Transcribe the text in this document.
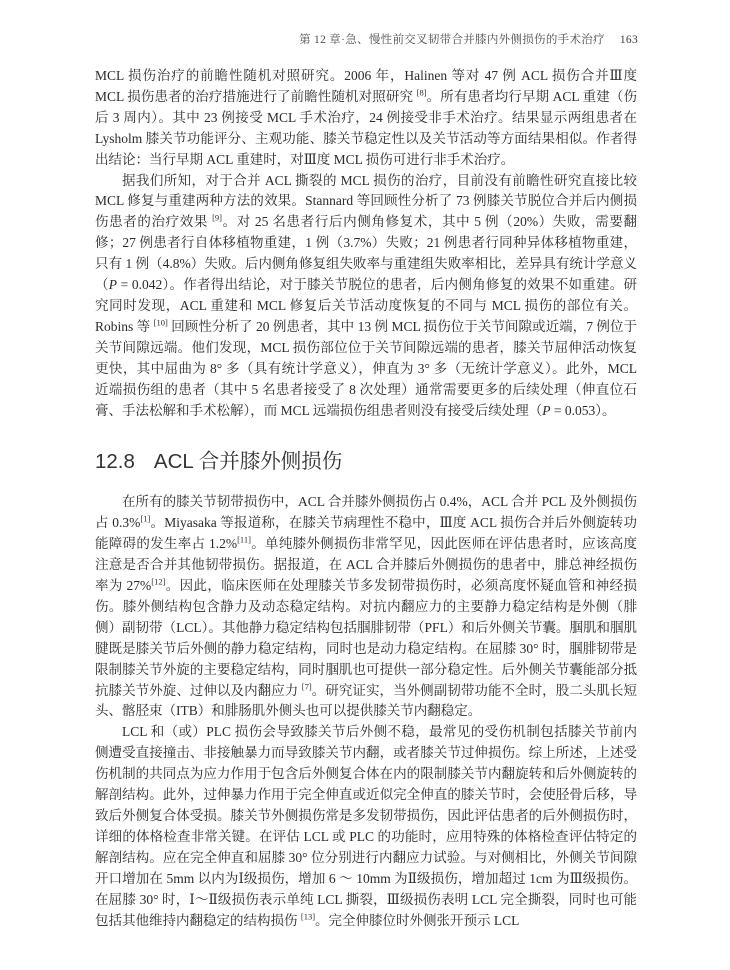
第 12 章·急、慢性前交叉韧带合并膝内外侧损伤的手术治疗 163

MCL 损伤治疗的前瞻性随机对照研究。2006 年，Halinen 等对 47 例 ACL 损伤合并Ⅲ度 MCL 损伤患者的治疗措施进行了前瞻性随机对照研究 [8]。所有患者均行早期 ACL 重建（伤后 3 周内）。其中 23 例接受 MCL 手术治疗，24 例接受非手术治疗。结果显示两组患者在 Lysholm 膝关节功能评分、主观功能、膝关节稳定性以及关节活动等方面结果相似。作者得出结论：当行早期 ACL 重建时，对Ⅲ度 MCL 损伤可进行非手术治疗。

据我们所知，对于合并 ACL 撕裂的 MCL 损伤的治疗，目前没有前瞻性研究直接比较 MCL 修复与重建两种方法的效果。Stannard 等回顾性分析了 73 例膝关节脱位合并后内侧损伤患者的治疗效果 [9]。对 25 名患者行后内侧角修复术，其中 5 例（20%）失败，需要翻修；27 例患者行自体移植物重建，1 例（3.7%）失败；21 例患者行同种异体移植物重建，只有 1 例（4.8%）失败。后内侧角修复组失败率与重建组失败率相比，差异具有统计学意义（P = 0.042）。作者得出结论，对于膝关节脱位的患者，后内侧角修复的效果不如重建。研究同时发现，ACL 重建和 MCL 修复后关节活动度恢复的不同与 MCL 损伤的部位有关。Robins 等 [10] 回顾性分析了 20 例患者，其中 13 例 MCL 损伤位于关节间隙或近端，7 例位于关节间隙远端。他们发现，MCL 损伤部位位于关节间隙远端的患者，膝关节屈伸活动恢复更快，其中屈曲为 8° 多（具有统计学意义），伸直为 3° 多（无统计学意义）。此外，MCL 近端损伤组的患者（其中 5 名患者接受了 8 次处理）通常需要更多的后续处理（伸直位石膏、手法松解和手术松解），而 MCL 远端损伤组患者则没有接受后续处理（P = 0.053）。

12.8 ACL 合并膝外侧损伤

在所有的膝关节韧带损伤中，ACL 合并膝外侧损伤占 0.4%，ACL 合并 PCL 及外侧损伤占 0.3%[1]。Miyasaka 等报道称，在膝关节病理性不稳中，Ⅲ度 ACL 损伤合并后外侧旋转功能障碍的发生率占 1.2%[11]。单纯膝外侧损伤非常罕见，因此医师在评估患者时，应该高度注意是否合并其他韧带损伤。据报道，在 ACL 合并膝后外侧损伤的患者中，腓总神经损伤率为 27%[12]。因此，临床医师在处理膝关节多发韧带损伤时，必须高度怀疑血管和神经损伤。膝外侧结构包含静力及动态稳定结构。对抗内翻应力的主要静力稳定结构是外侧（腓侧）副韧带（LCL）。其他静力稳定结构包括腘腓韧带（PFL）和后外侧关节囊。腘肌和腘肌腱既是膝关节后外侧的静力稳定结构，同时也是动力稳定结构。在屈膝 30° 时，腘腓韧带是限制膝关节外旋的主要稳定结构，同时腘肌也可提供一部分稳定性。后外侧关节囊能部分抵抗膝关节外旋、过伸以及内翻应力 [7]。研究证实，当外侧副韧带功能不全时，股二头肌长短头、髂胫束（ITB）和腓肠肌外侧头也可以提供膝关节内翻稳定。

LCL 和（或）PLC 损伤会导致膝关节后外侧不稳，最常见的受伤机制包括膝关节前内侧遭受直接撞击、非接触暴力而导致膝关节内翻，或者膝关节过伸损伤。综上所述，上述受伤机制的共同点为应力作用于包含后外侧复合体在内的限制膝关节内翻旋转和后外侧旋转的解剖结构。此外，过伸暴力作用于完全伸直或近似完全伸直的膝关节时，会使胫骨后移，导致后外侧复合体受损。膝关节外侧损伤常是多发韧带损伤，因此评估患者的后外侧损伤时，详细的体格检查非常关键。在评估 LCL 或 PLC 的功能时，应用特殊的体格检查评估特定的解剖结构。应在完全伸直和屈膝 30° 位分别进行内翻应力试验。与对侧相比，外侧关节间隙开口增加在 5mm 以内为Ⅰ级损伤，增加 6 ～ 10mm 为Ⅱ级损伤，增加超过 1cm 为Ⅲ级损伤。在屈膝 30° 时，Ⅰ～Ⅱ级损伤表示单纯 LCL 撕裂，Ⅲ级损伤表明 LCL 完全撕裂，同时也可能包括其他维持内翻稳定的结构损伤 [13]。完全伸膝位时外侧张开预示 LCL
